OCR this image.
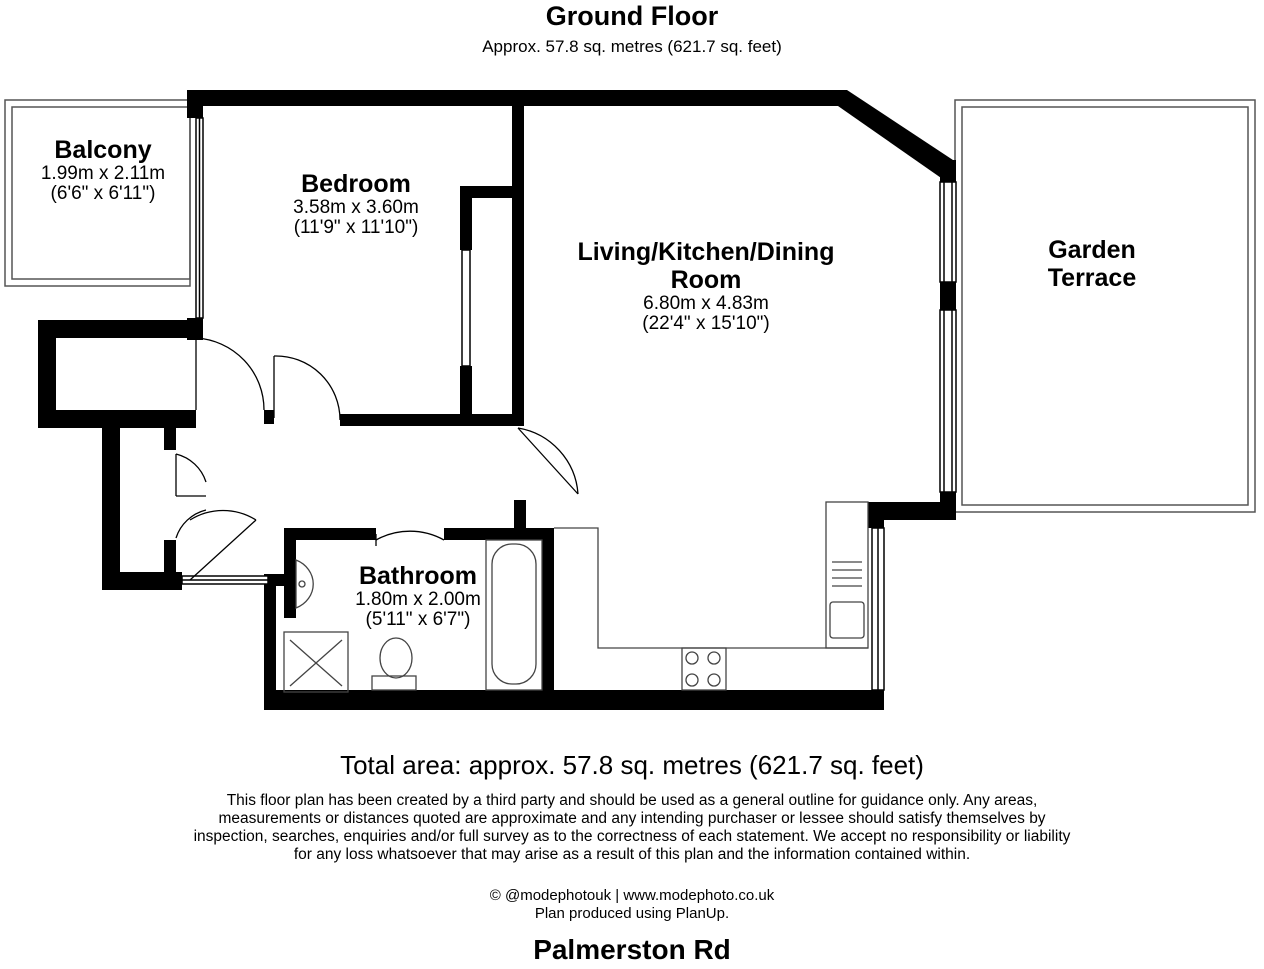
Ground Floor
Approx. 57.8 sq. metres (621.7 sq. feet)
Balcony
1.99m x 2.11m
(6'6" x 6'11")	Bedroom
3.58m x 3.60m
(11'9" x 11'10")
Living/Kitchen/Dining
Room
6.80m x 4.83m
(22'4" x 15'10")
Garden
Terrace
Bathroom
1.80m x 2.00m
(5'11" x 6'7")
Total area: approx. 57.8 sq. metres (621.7 sq. feet)
This floor plan has been created by a third party and should be used as a general outline for guidance only. Any areas,
measurements or distances quoted are approximate and any intending purchaser or lessee should satisfy themselves by
inspection, searches, enquiries and/or full survey as to the correctness of each statement. We accept no responsibility or liability
for any loss whatsoever that may arise as a result of this plan and the information contained within.
© @modephotouk | www.modephoto.co.uk
Plan produced using PlanUp.
Palmerston Rd
